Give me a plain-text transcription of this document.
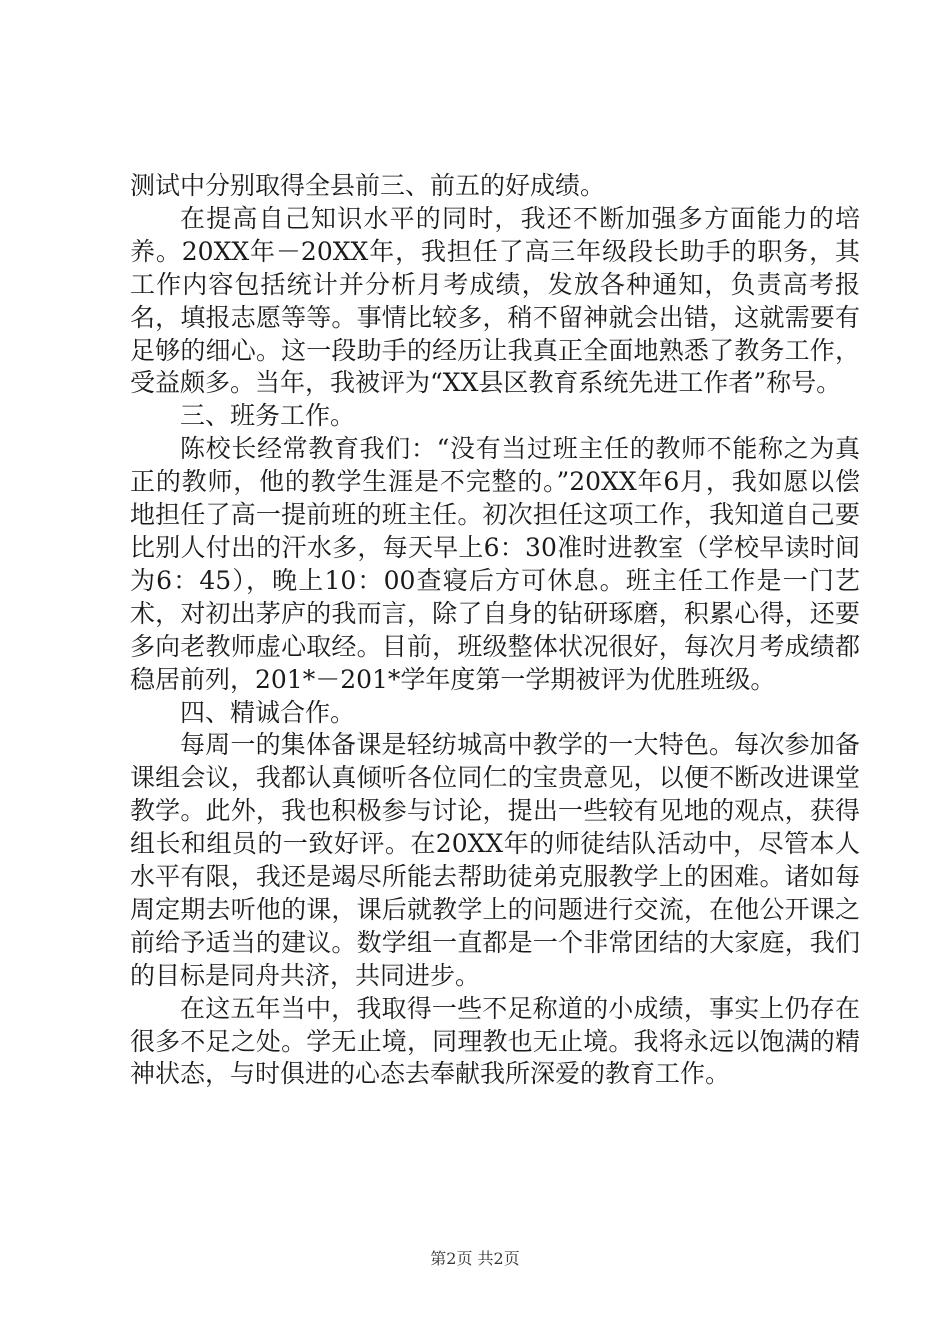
测试中分别取得全县前三、前五的好成绩。

在提高自己知识水平的同时，我还不断加强多方面能力的培养。20XX年－20XX年，我担任了高三年级段长助手的职务，其工作内容包括统计并分析月考成绩，发放各种通知，负责高考报名，填报志愿等等。事情比较多，稍不留神就会出错，这就需要有足够的细心。这一段助手的经历让我真正全面地熟悉了教务工作，受益颇多。当年，我被评为“XX县区教育系统先进工作者”称号。

三、班务工作。

陈校长经常教育我们：“没有当过班主任的教师不能称之为真正的教师，他的教学生涯是不完整的。”20XX年6月，我如愿以偿地担任了高一提前班的班主任。初次担任这项工作，我知道自己要比别人付出的汗水多，每天早上6：30准时进教室（学校早读时间为6：45），晚上10：00查寝后方可休息。班主任工作是一门艺术，对初出茅庐的我而言，除了自身的钻研琢磨，积累心得，还要多向老教师虚心取经。目前，班级整体状况很好，每次月考成绩都稳居前列，201*－201*学年度第一学期被评为优胜班级。

四、精诚合作。

每周一的集体备课是轻纺城高中教学的一大特色。每次参加备课组会议，我都认真倾听各位同仁的宝贵意见，以便不断改进课堂教学。此外，我也积极参与讨论，提出一些较有见地的观点，获得组长和组员的一致好评。在20XX年的师徒结队活动中，尽管本人水平有限，我还是竭尽所能去帮助徒弟克服教学上的困难。诸如每周定期去听他的课，课后就教学上的问题进行交流，在他公开课之前给予适当的建议。数学组一直都是一个非常团结的大家庭，我们的目标是同舟共济，共同进步。

在这五年当中，我取得一些不足称道的小成绩，事实上仍存在很多不足之处。学无止境，同理教也无止境。我将永远以饱满的精神状态，与时俱进的心态去奉献我所深爱的教育工作。

第2页 共2页
